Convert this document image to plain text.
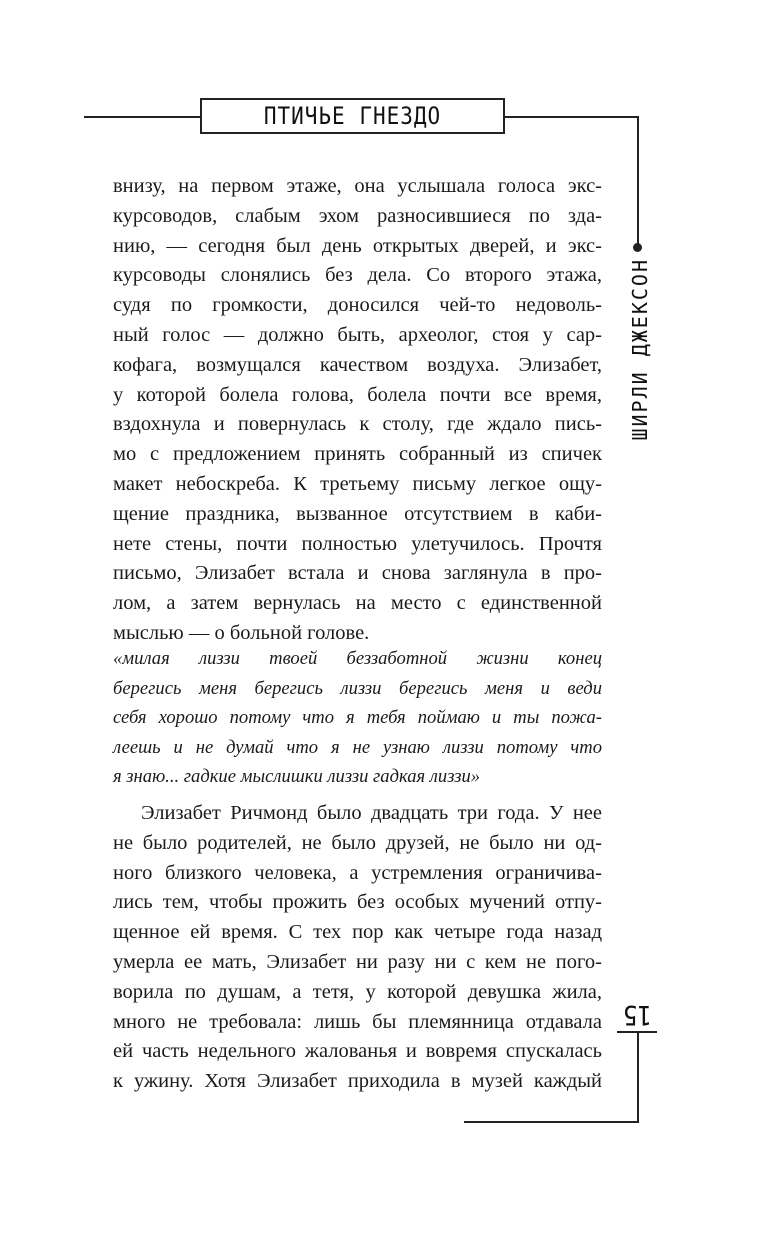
ПТИЧЬЕ ГНЕЗДО
ШИРЛИ ДЖЕКСОН
внизу, на первом этаже, она услышала голоса экс-
курсоводов, слабым эхом разносившиеся по зда-
нию, — сегодня был день открытых дверей, и экс-
курсоводы слонялись без дела. Со второго этажа,
судя по громкости, доносился чей-то недоволь-
ный голос — должно быть, археолог, стоя у сар-
кофага, возмущался качеством воздуха. Элизабет,
у которой болела голова, болела почти все время,
вздохнула и повернулась к столу, где ждало пись-
мо с предложением принять собранный из спичек
макет небоскреба. К третьему письму легкое ощу-
щение праздника, вызванное отсутствием в каби-
нете стены, почти полностью улетучилось. Прочтя
письмо, Элизабет встала и снова заглянула в про-
лом, а затем вернулась на место с единственной
мыслью — о больной голове.
«милая лиззи твоей беззаботной жизни конец
берегись меня берегись лиззи берегись меня и веди
себя хорошо потому что я тебя поймаю и ты пожа-
леешь и не думай что я не узнаю лиззи потому что
я знаю... гадкие мыслишки лиззи гадкая лиззи»
Элизабет Ричмонд было двадцать три года. У нее
не было родителей, не было друзей, не было ни од-
ного близкого человека, а устремления ограничива-
лись тем, чтобы прожить без особых мучений отпу-
щенное ей время. С тех пор как четыре года назад
умерла ее мать, Элизабет ни разу ни с кем не пого-
ворила по душам, а тетя, у которой девушка жила,
много не требовала: лишь бы племянница отдавала
ей часть недельного жалованья и вовремя спускалась
к ужину. Хотя Элизабет приходила в музей каждый
15
